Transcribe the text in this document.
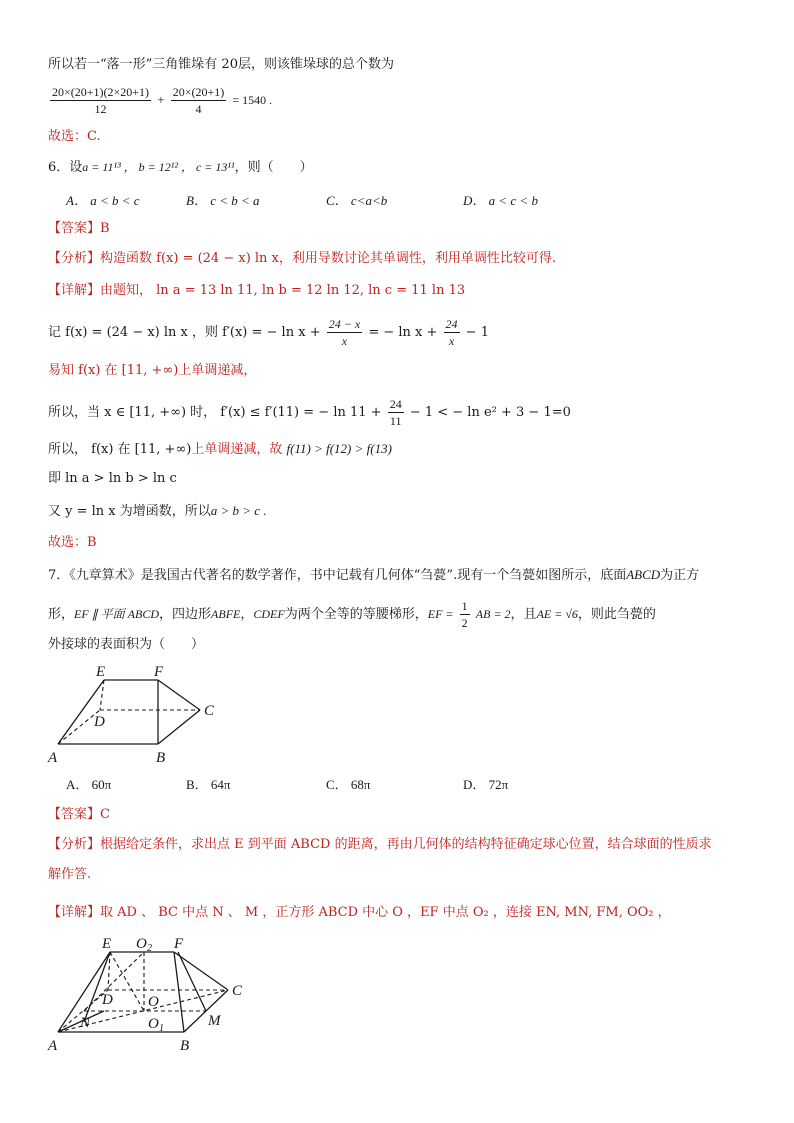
所以若一“落一形”三角锥垛有 20层，则该锥垛球的总个数为
$\frac{20\times(20+1)(2\times 20+1)}{12} + \frac{20\times(20+1)}{4} = 1540$ .
故选：C.
6．设a = 11¹³ ， b = 12¹² ， c = 13¹¹，则（　　）
A． a < b < c	B． c < b < a	C． c<a<b	D． a < c < b
【答案】B
【分析】构造函数 f(x) = (24 − x) ln x，利用导数讨论其单调性，利用单调性比较可得.
【详解】由题知， ln a = 13 ln 11, ln b = 12 ln 12, ln c = 11 ln 13
记 f(x) = (24 − x) ln x ，则 f′(x) = − $\ln x + \frac{24 - x}{x}$ = − $\ln x + \frac{24}{x} - 1$
易知 f(x) 在 [11, +∞)上单调递减，
所以，当 x ∈ [11, +∞) 时， f′(x) ≤ f′(11) = − $\ln 11 + \frac{24}{11} - 1$ < − ln e² + 3 − 1=0
所以， f(x) 在 [11, +∞)上单调递减，故 f(11) > f(12) > f(13)
即 ln a > ln b > ln c
又 y = ln x 为增函数，所以a > b > c .
故选：B
7．《九章算术》是我国古代著名的数学著作，书中记载有几何体“刍甍”.现有一个刍甍如图所示，底面ABCD为正方
形，EF ∥ 平面 ABCD，四边形ABFE，CDEF为两个全等的等腰梯形，EF = $\frac{1}{2}$ AB = 2，且AE = √6，则此刍甍的
外接球的表面积为（　　）
E	F
D
C
A	B
A． 60π	B． 64π	C． 68π	D． 72π
【答案】C
【分析】根据给定条件，求出点 E 到平面 ABCD 的距离，再由几何体的结构特征确定球心位置，结合球面的性质求
解作答.
【详解】取 AD 、 BC 中点 N 、 M ，正方形 ABCD 中心 O ，EF 中点 O₂ ，连接 EN, MN, FM, OO₂ ，
E O 2 F
D O
C
N	M
O 1
A	B
